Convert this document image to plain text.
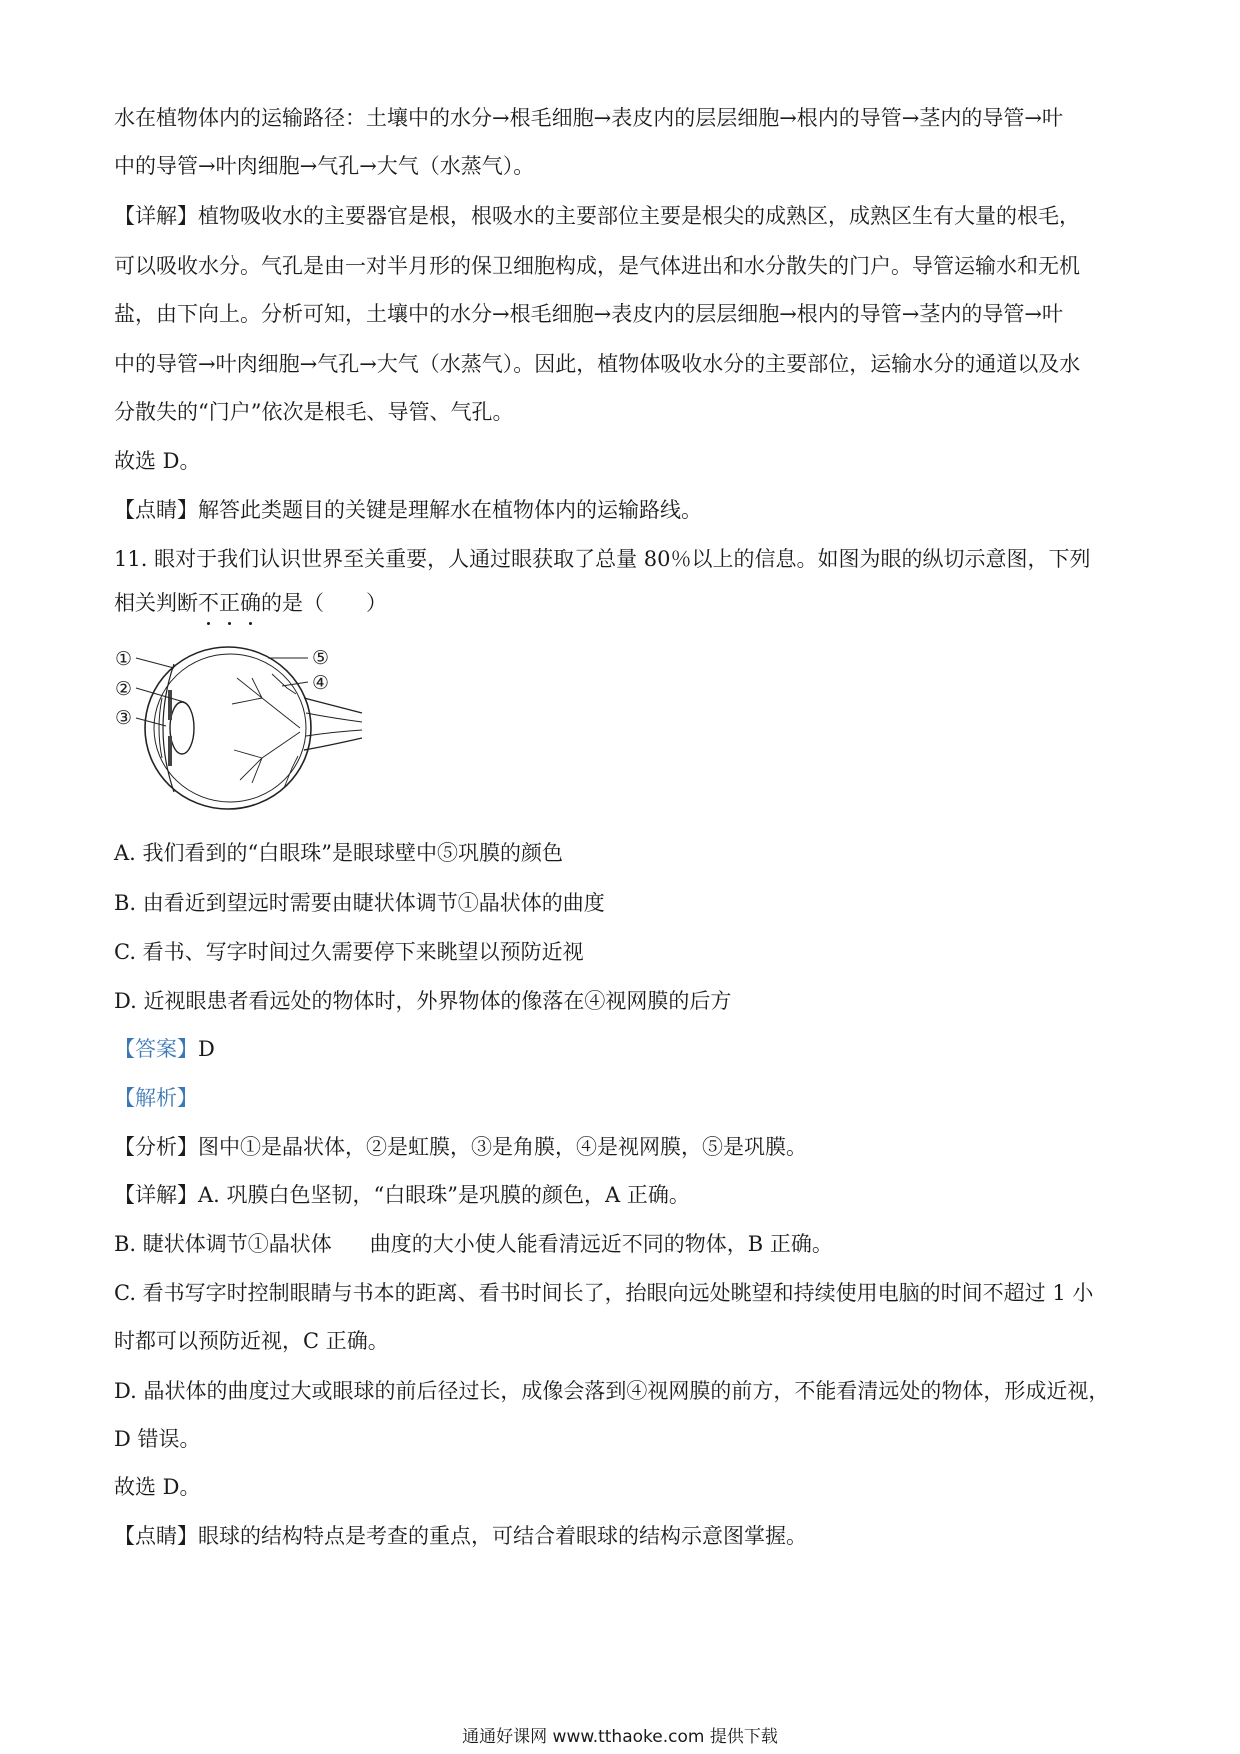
水在植物体内的运输路径：土壤中的水分→根毛细胞→表皮内的层层细胞→根内的导管→茎内的导管→叶
中的导管→叶肉细胞→气孔→大气（水蒸气）。
【详解】植物吸收水的主要器官是根，根吸水的主要部位主要是根尖的成熟区，成熟区生有大量的根毛，
可以吸收水分。气孔是由一对半月形的保卫细胞构成，是气体进出和水分散失的门户。导管运输水和无机
盐，由下向上。分析可知，土壤中的水分→根毛细胞→表皮内的层层细胞→根内的导管→茎内的导管→叶
中的导管→叶肉细胞→气孔→大气（水蒸气）。因此，植物体吸收水分的主要部位，运输水分的通道以及水
分散失的“门户”依次是根毛、导管、气孔。
故选 D。
【点睛】解答此类题目的关键是理解水在植物体内的运输路线。
11. 眼对于我们认识世界至关重要，人通过眼获取了总量 80％以上的信息。如图为眼的纵切示意图，下列
相关判断不正确的是（　　）
①
②
③
④
⑤
A. 我们看到的“白眼珠”是眼球壁中⑤巩膜的颜色
B. 由看近到望远时需要由睫状体调节①晶状体的曲度
C. 看书、写字时间过久需要停下来眺望以预防近视
D. 近视眼患者看远处的物体时，外界物体的像落在④视网膜的后方
【答案】D
【解析】
【分析】图中①是晶状体，②是虹膜，③是角膜，④是视网膜，⑤是巩膜。
【详解】A. 巩膜白色坚韧，“白眼珠”是巩膜的颜色，A 正确。
B. 睫状体调节①晶状体 曲度的大小使人能看清远近不同的物体，B 正确。
C. 看书写字时控制眼睛与书本的距离、看书时间长了，抬眼向远处眺望和持续使用电脑的时间不超过 1 小
时都可以预防近视，C 正确。
D. 晶状体的曲度过大或眼球的前后径过长，成像会落到④视网膜的前方，不能看清远处的物体，形成近视，
D 错误。
故选 D。
【点睛】眼球的结构特点是考查的重点，可结合着眼球的结构示意图掌握。
通通好课网 www.tthaoke.com 提供下载
